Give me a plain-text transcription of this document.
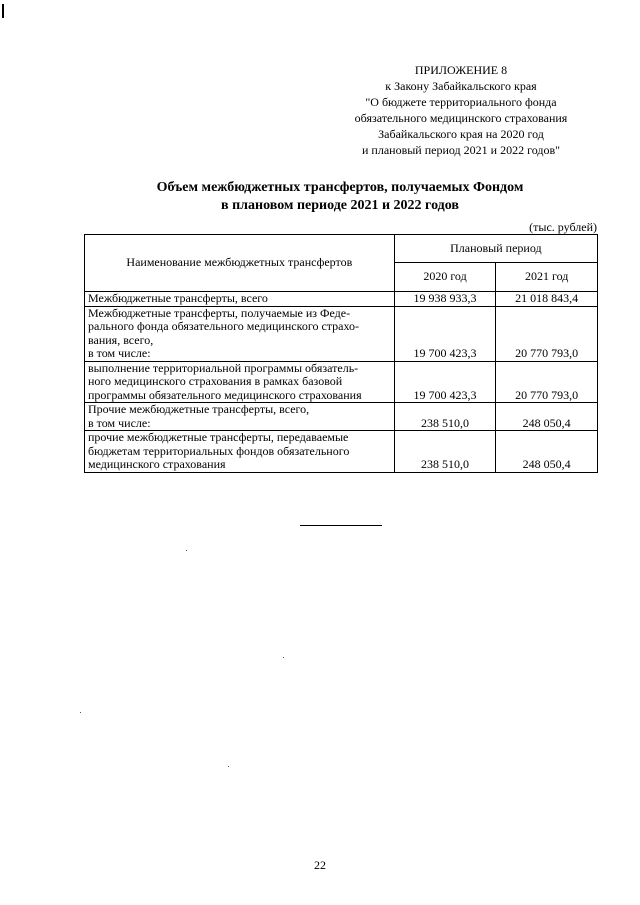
ПРИЛОЖЕНИЕ 8
к Закону Забайкальского края
"О бюджете территориального фонда
обязательного медицинского страхования
Забайкальского края на 2020 год
и плановый период 2021 и 2022 годов"
Объем межбюджетных трансфертов, получаемых Фондом
в плановом периоде 2021 и 2022 годов
(тыс. рублей)
Наименование межбюджетных трансфертов	Плановый период	
	2020 год	2021 год

Межбюджетные трансферты, всего	19 938 933,3	21 018 843,4

Межбюджетные трансферты, получаемые из Феде-
рального фонда обязательного медицинского страхо-
вания, всего,
в том числе:	19 700 423,3	20 770 793,0

выполнение территориальной программы обязатель-
ного медицинского страхования в рамках базовой
программы обязательного медицинского страхования	19 700 423,3	20 770 793,0

Прочие межбюджетные трансферты, всего,
в том числе:	238 510,0	248 050,4

прочие межбюджетные трансферты, передаваемые
бюджетам территориальных фондов обязательного
медицинского страхования	238 510,0	248 050,4
22
